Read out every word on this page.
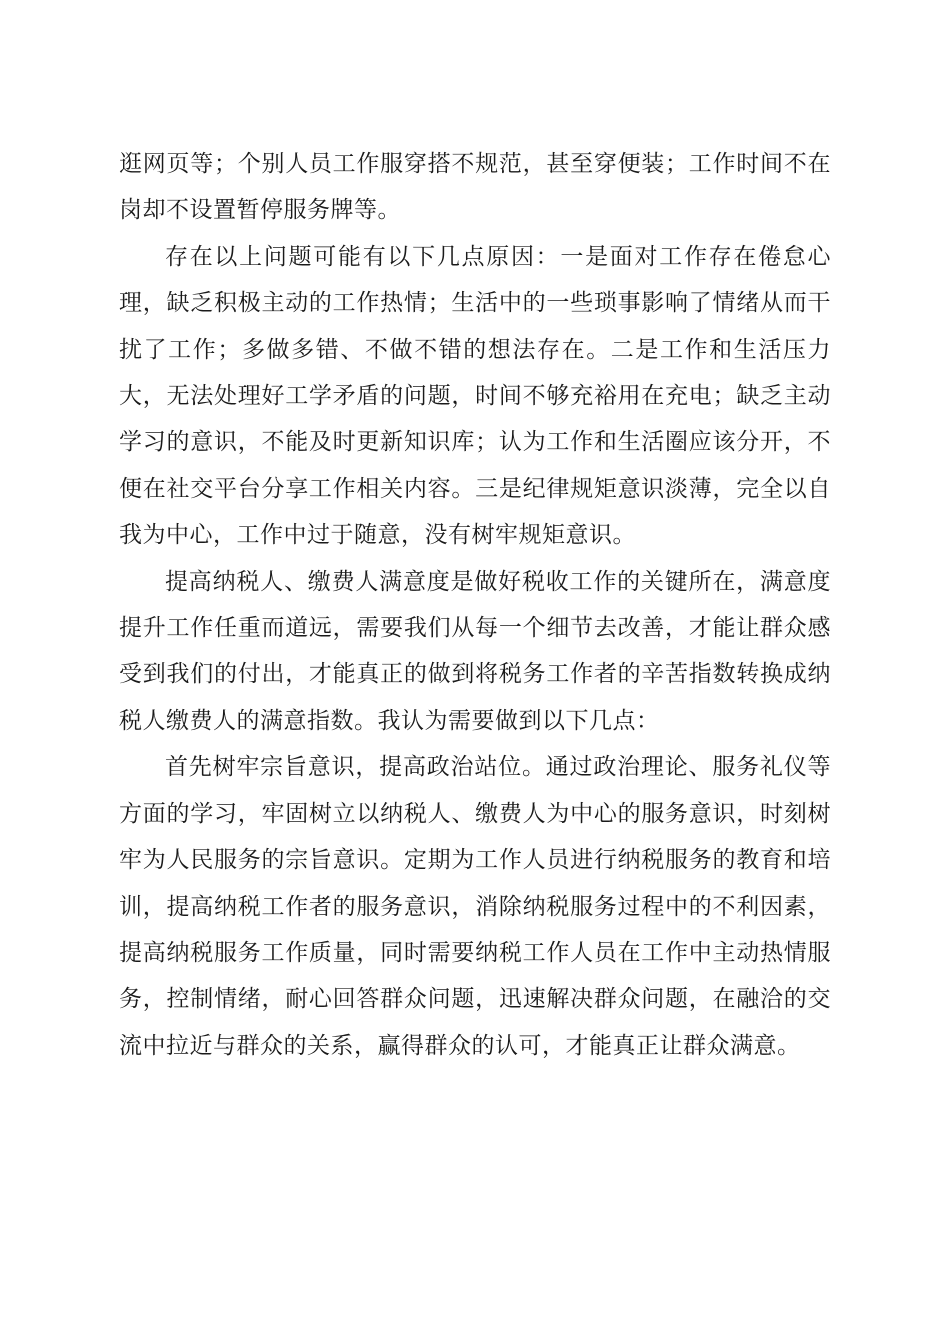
逛网页等；个别人员工作服穿搭不规范，甚至穿便装；工作时间不在岗却不设置暂停服务牌等。

存在以上问题可能有以下几点原因：一是面对工作存在倦怠心理，缺乏积极主动的工作热情；生活中的一些琐事影响了情绪从而干扰了工作；多做多错、不做不错的想法存在。二是工作和生活压力大，无法处理好工学矛盾的问题，时间不够充裕用在充电；缺乏主动学习的意识，不能及时更新知识库；认为工作和生活圈应该分开，不便在社交平台分享工作相关内容。三是纪律规矩意识淡薄，完全以自我为中心，工作中过于随意，没有树牢规矩意识。

提高纳税人、缴费人满意度是做好税收工作的关键所在，满意度提升工作任重而道远，需要我们从每一个细节去改善，才能让群众感受到我们的付出，才能真正的做到将税务工作者的辛苦指数转换成纳税人缴费人的满意指数。我认为需要做到以下几点：

首先树牢宗旨意识，提高政治站位。通过政治理论、服务礼仪等方面的学习，牢固树立以纳税人、缴费人为中心的服务意识，时刻树牢为人民服务的宗旨意识。定期为工作人员进行纳税服务的教育和培训，提高纳税工作者的服务意识，消除纳税服务过程中的不利因素，提高纳税服务工作质量，同时需要纳税工作人员在工作中主动热情服务，控制情绪，耐心回答群众问题，迅速解决群众问题，在融洽的交流中拉近与群众的关系，赢得群众的认可，才能真正让群众满意。
